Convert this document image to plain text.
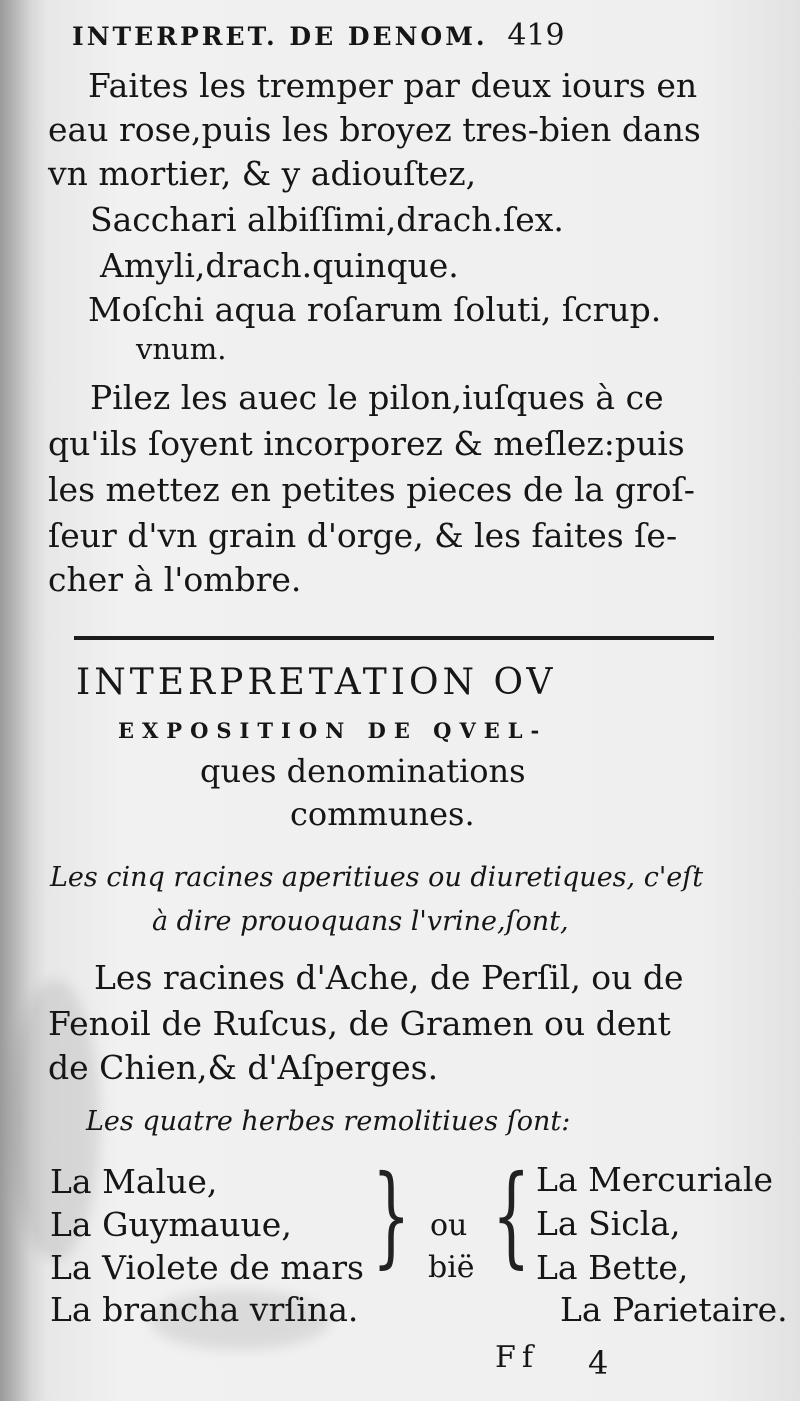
INTERPRET. DE DENOM. 419
Faites les tremper par deux iours en
eau rose,puis les broyez tres-bien dans
vn mortier, & y adiouſtez,
Sacchari albiſſimi,drach.ſex.
Amyli,drach.quinque.
Moſchi aqua roſarum ſoluti, ſcrup.
vnum.
Pilez les auec le pilon,iuſques à ce
qu'ils ſoyent incorporez & meſlez:puis
les mettez en petites pieces de la groſ-
ſeur d'vn grain d'orge, & les faites ſe-
cher à l'ombre.
INTERPRETATION OV
EXPOSITION DE QVEL-
ques denominations
communes.
Les cinq racines aperitiues ou diuretiques, c'eſt
à dire prouoquans l'vrine,ſont,
Les racines d'Ache, de Perſil, ou de
Fenoil de Ruſcus, de Gramen ou dent
de Chien,& d'Aſperges.
Les quatre herbes remolitiues ſont:
La Malue,
La Guymauue,
La Violete de mars
La brancha vrſina.
} ou
bië { La Mercuriale
La Sicla,
La Bette,
La Parietaire.
Ff 4
